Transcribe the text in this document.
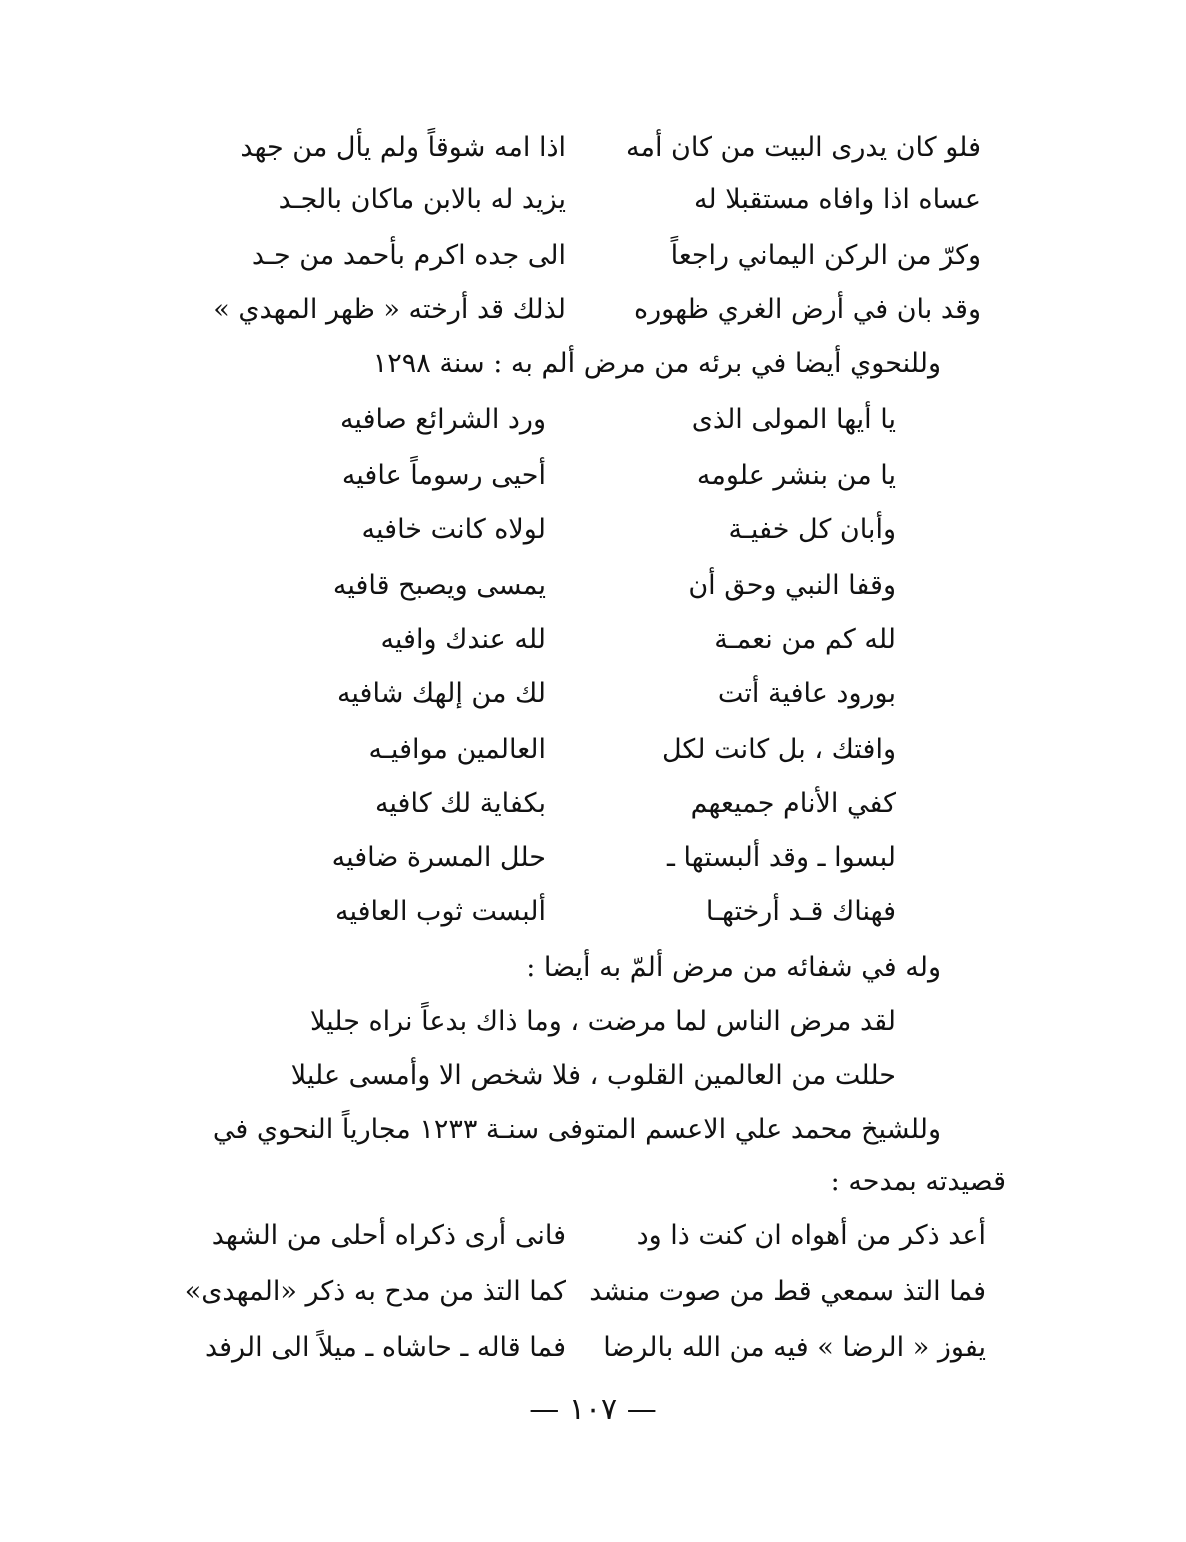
فلو كان يدرى البيت من كان أمه
اذا امه شوقاً ولم يأل من جهد
عساه اذا وافاه مستقبلا له
يزيد له بالابن ماكان بالجـد
وكرّ من الركن اليماني راجعاً
الى جده اكرم بأحمد من جـد
وقد بان في أرض الغري ظهوره
لذلك قد أرخته « ظهر المهدي »
وللنحوي أيضا في برئه من مرض ألم به : سنة ١٢٩٨
يا أيها المولى الذى
ورد الشرائع صافيه
يا من بنشر علومه
أحيى رسوماً عافيه
وأبان كل خفيـة
لولاه كانت خافيه
وقفا النبي وحق أن
يمسى ويصبح قافيه
لله كم من نعمـة
لله عندك وافيه
بورود عافية أتت
لك من إلهك شافيه
وافتك ، بل كانت لكل
العالمين موافيـه
كفي الأنام جميعهم
بكفاية لك كافيه
لبسوا ـ وقد ألبستها ـ
حلل المسرة ضافيه
فهناك قـد أرختهـا
ألبست ثوب العافيه
وله في شفائه من مرض ألمّ به أيضا :
لقد مرض الناس لما مرضت ، وما ذاك بدعاً نراه جليلا
حللت من العالمين القلوب ، فلا شخص الا وأمسى عليلا
وللشيخ محمد علي الاعسم المتوفى سنـة ١٢٣٣ مجارياً النحوي في
قصيدته بمدحه :
أعد ذكر من أهواه ان كنت ذا ود
فانى أرى ذكراه أحلى من الشهد
فما التذ سمعي قط من صوت منشد
كما التذ من مدح به ذكر «المهدى»
يفوز « الرضا » فيه من الله بالرضا
فما قاله ـ حاشاه ـ ميلاً الى الرفد
— ١٠٧ —
